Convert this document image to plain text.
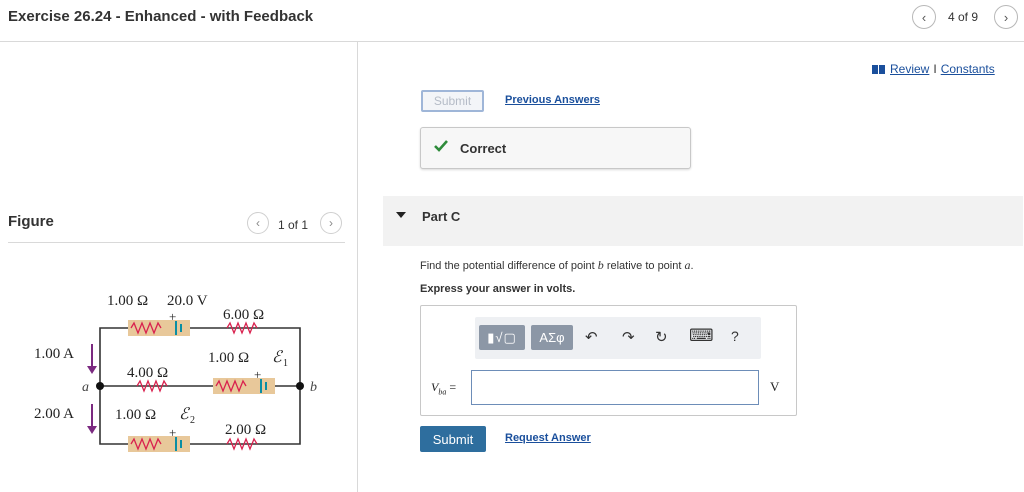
Exercise 26.24 - Enhanced - with Feedback	‹ 4 of 9 ›
Figure	‹ 1 of 1 ›
+
1.00 Ω 20.0 V
6.00 Ω
1.00 A
+
4.00 Ω
1.00 Ω ℰ 1
a	b
2.00 A
+
1.00 Ω ℰ 2
2.00 Ω
Review I Constants
Submit	Previous Answers
Correct
Part C
Find the potential difference of point b relative to point a.
Express your answer in volts.
▮√▢	ΑΣφ	↶ ↷ ↻ ⌨ ?
$V_{ba}$ =	V
Submit	Request Answer
